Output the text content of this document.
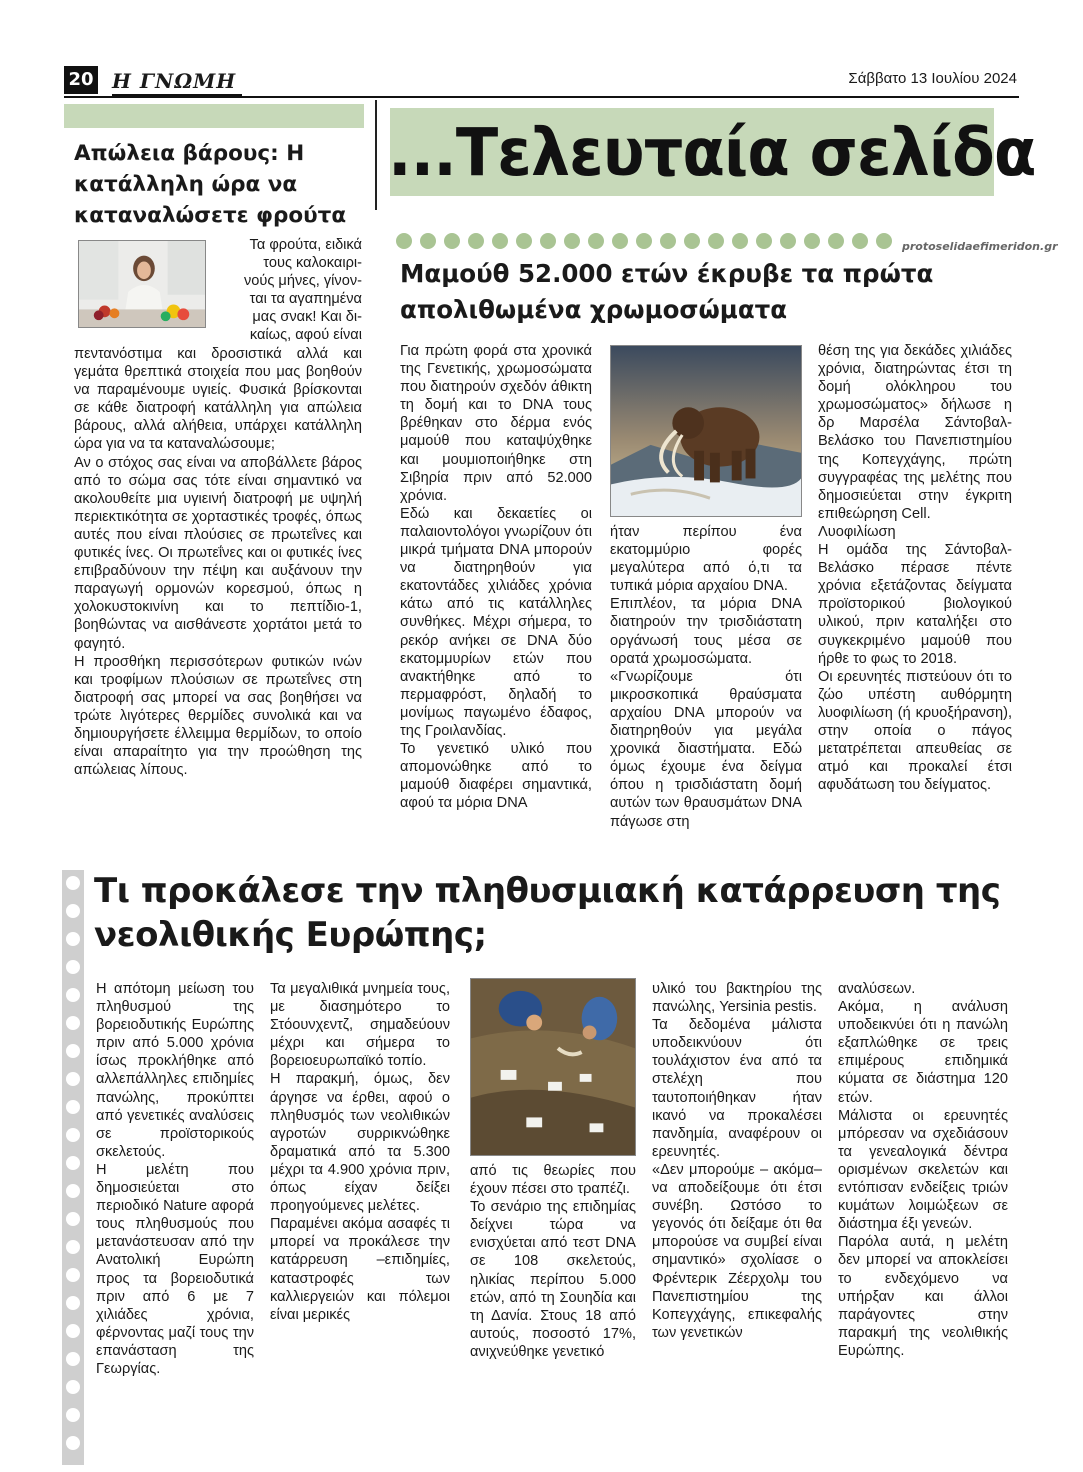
20 Η ΓΝΩΜΗ	Σάββατο 13 Ιουλίου 2024
...Τελευταία σελίδα
protoselidaefimeridon.gr
Απώλεια βάρους: Η κατάλληλη ώρα να καταναλώσετε φρούτα

Τα φρούτα, ειδικά

τους καλοκαιρι-

νούς μήνες, γίνον-

ται τα αγαπημένα

μας σνακ! Και δι-

καίως, αφού είναι

πεντανόστιμα και δροσιστικά αλλά και γεμάτα θρεπτικά στοιχεία που μας βοηθούν να παραμένουμε υγιείς. Φυσικά βρίσκονται σε κάθε διατροφή κατάλληλη για απώλεια βάρους, αλλά αλήθεια, υπάρχει κατάλληλη ώρα για να τα καταναλώσουμε;

Αν ο στόχος σας είναι να αποβάλλετε βάρος από το σώμα σας τότε είναι σημαντικό να ακολουθείτε μια υγιεινή διατροφή με υψηλή περιεκτικότητα σε χορταστικές τροφές, όπως αυτές που είναι πλούσιες σε πρωτεΐνες και φυτικές ίνες. Οι πρωτεΐνες και οι φυτικές ίνες επιβραδύνουν την πέψη και αυξάνουν την παραγωγή ορμονών κορεσμού, όπως η χολοκυστοκινίνη και το πεπτίδιο-1, βοηθώντας να αισθάνεστε χορτάτοι μετά το φαγητό.

Η προσθήκη περισσότερων φυτικών ινών και τροφίμων πλούσιων σε πρωτεΐνες στη διατροφή σας μπορεί να σας βοηθήσει να τρώτε λιγότερες θερμίδες συνολικά και να δημιουργήσετε έλλειμμα θερμίδων, το οποίο είναι απαραίτητο για την προώθηση της απώλειας λίπους.

Μαμούθ 52.000 ετών έκρυβε τα πρώτα απολιθωμένα χρωμοσώματα

Για πρώτη φορά στα χρονικά της Γενετικής, χρωμοσώματα που διατηρούν σχεδόν άθικτη τη δομή και το DNA τους βρέθηκαν στο δέρμα ενός μαμούθ που καταψύχθηκε και μουμιοποιήθηκε στη Σιβηρία πριν από 52.000 χρόνια.

Εδώ και δεκαετίες οι παλαιοντολόγοι γνωρίζουν ότι μικρά τμήματα DNA μπορούν να διατηρηθούν για εκατοντάδες χιλιάδες χρόνια κάτω από τις κατάλληλες συνθήκες. Μέχρι σήμερα, το ρεκόρ ανήκει σε DNA δύο εκατομμυρίων ετών που ανακτήθηκε από το περμαφρόστ, δηλαδή το μονίμως παγωμένο έδαφος, της Γροιλανδίας.

Το γενετικό υλικό που απομονώθηκε από το μαμούθ διαφέρει σημαντικά, αφού τα μόρια DNA

ήταν περίπου ένα εκατομμύριο φορές μεγαλύτερα από ό,τι τα τυπικά μόρια αρχαίου DNA.

Επιπλέον, τα μόρια DNA διατηρούν την τρισδιάστατη οργάνωσή τους μέσα σε ορατά χρωμοσώματα.

«Γνωρίζουμε ότι μικροσκοπικά θραύσματα αρχαίου DNA μπορούν να διατηρηθούν για μεγάλα χρονικά διαστήματα. Εδώ όμως έχουμε ένα δείγμα όπου η τρισδιάστατη δομή αυτών των θραυσμάτων DNA πάγωσε στη

θέση της για δεκάδες χιλιάδες χρόνια, διατηρώντας έτσι τη δομή ολόκληρου του χρωμοσώματος» δήλωσε η δρ Μαρσέλα Σάντοβαλ-Βελάσκο του Πανεπιστημίου της Κοπεγχάγης, πρώτη συγγραφέας της μελέτης που δημοσιεύεται στην έγκριτη επιθεώρηση Cell.

Λυοφιλίωση

Η ομάδα της Σάντοβαλ-Βελάσκο πέρασε πέντε χρόνια εξετάζοντας δείγματα προϊστορικού βιολογικού υλικού, πριν καταλήξει στο συγκεκριμένο μαμούθ που ήρθε το φως το 2018.

Οι ερευνητές πιστεύουν ότι το ζώο υπέστη αυθόρμητη λυοφιλίωση (ή κρυοξήρανση), στην οποία ο πάγος μετατρέπεται απευθείας σε ατμό και προκαλεί έτσι αφυδάτωση του δείγματος.

Τι προκάλεσε την πληθυσμιακή κατάρρευση της νεολιθικής Ευρώπης;

Η απότομη μείωση του πληθυσμού της βορειοδυτικής Ευρώπης πριν από 5.000 χρόνια ίσως προκλήθηκε από αλλεπάλληλες επιδημίες πανώλης, προκύπτει από γενετικές αναλύσεις σε προϊστορικούς σκελετούς.

Η μελέτη που δημοσιεύεται στο περιοδικό Nature αφορά τους πληθυσμούς που μετανάστευσαν από την Ανατολική Ευρώπη προς τα βορειοδυτικά πριν από 6 με 7 χιλιάδες χρόνια, φέρνοντας μαζί τους την επανάσταση της Γεωργίας.

Τα μεγαλιθικά μνημεία τους, με διασημότερο το Στόουνχεντζ, σημαδεύουν μέχρι και σήμερα το βορειοευρωπαϊκό τοπίο.

Η παρακμή, όμως, δεν άργησε να έρθει, αφού ο πληθυσμός των νεολιθικών αγροτών συρρικνώθηκε δραματικά από τα 5.300 μέχρι τα 4.900 χρόνια πριν, όπως είχαν δείξει προηγούμενες μελέτες.

Παραμένει ακόμα ασαφές τι μπορεί να προκάλεσε την κατάρρευση –επιδημίες, καταστροφές των καλλιεργειών και πόλεμοι είναι μερικές

από τις θεωρίες που έχουν πέσει στο τραπέζι.

Το σενάριο της επιδημίας δείχνει τώρα να ενισχύεται από τεστ DNA σε 108 σκελετούς, ηλικίας περίπου 5.000 ετών, από τη Σουηδία και τη Δανία. Στους 18 από αυτούς, ποσοστό 17%, ανιχνεύθηκε γενετικό

υλικό του βακτηρίου της πανώλης, Yersinia pestis.

Τα δεδομένα μάλιστα υποδεικνύουν ότι τουλάχιστον ένα από τα στελέχη που ταυτοποιήθηκαν ήταν ικανό να προκαλέσει πανδημία, αναφέρουν οι ερευνητές.

«Δεν μπορούμε – ακόμα– να αποδείξουμε ότι έτσι συνέβη. Ωστόσο το γεγονός ότι δείξαμε ότι θα μπορούσε να συμβεί είναι σημαντικό» σχολίασε ο Φρέντερικ Ζέερχολμ του Πανεπιστημίου της Κοπεγχάγης, επικεφαλής των γενετικών

αναλύσεων.

Ακόμα, η ανάλυση υποδεικνύει ότι η πανώλη εξαπλώθηκε σε τρεις επιμέρους επιδημικά κύματα σε διάστημα 120 ετών.

Μάλιστα οι ερευνητές μπόρεσαν να σχεδιάσουν τα γενεαλογικά δέντρα ορισμένων σκελετών και εντόπισαν ενδείξεις τριών κυμάτων λοιμώξεων σε διάστημα έξι γενεών.

Παρόλα αυτά, η μελέτη δεν μπορεί να αποκλείσει το ενδεχόμενο να υπήρξαν και άλλοι παράγοντες στην παρακμή της νεολιθικής Ευρώπης.
